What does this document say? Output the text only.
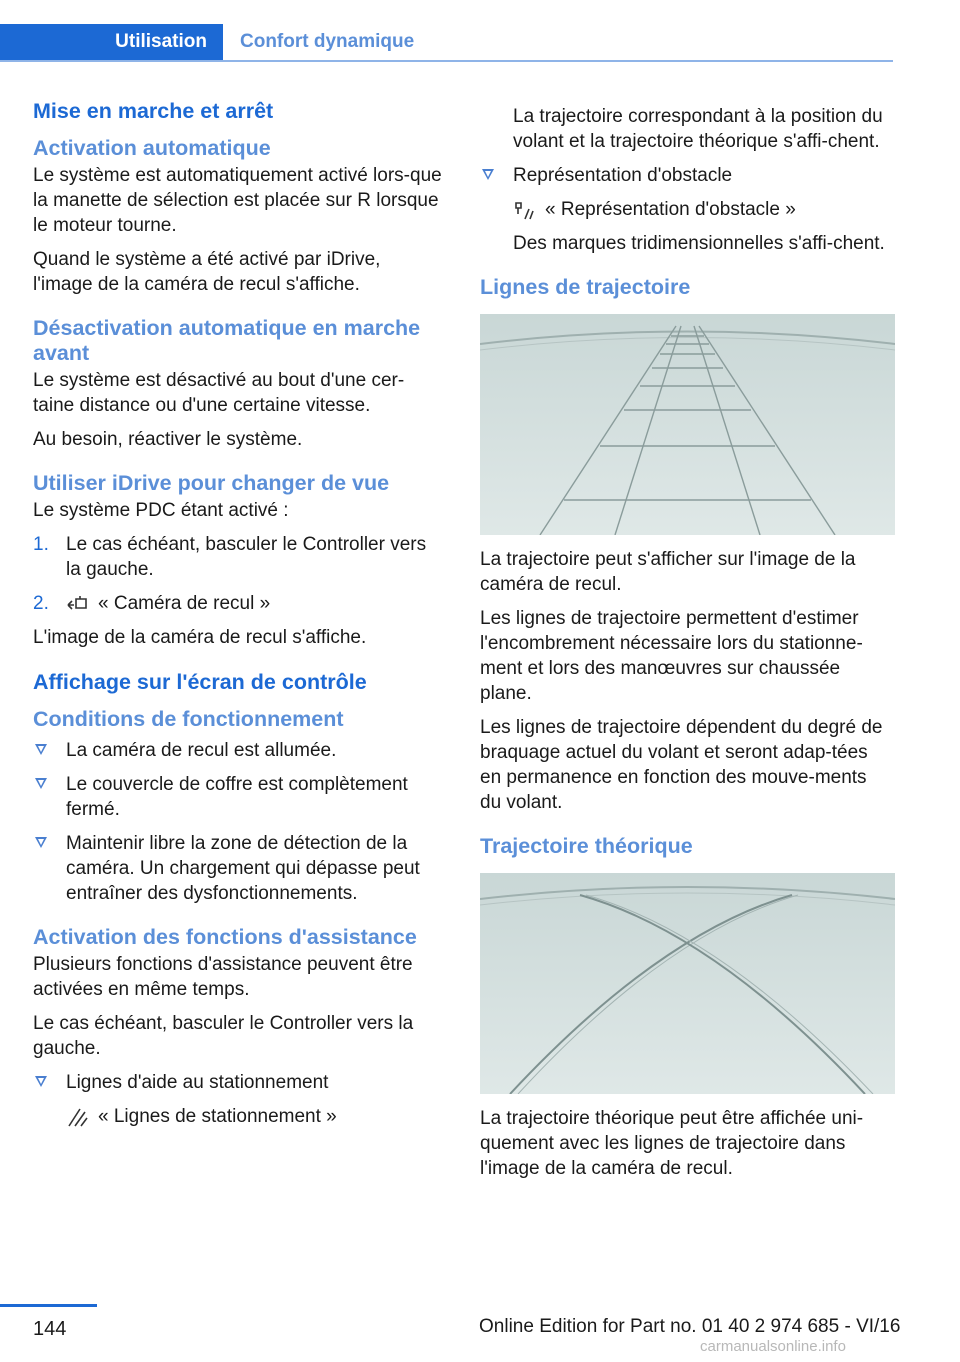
Utilisation	Confort dynamique
Mise en marche et arrêt
Activation automatique

Le système est automatiquement activé lors-que la manette de sélection est placée sur R lorsque le moteur tourne.

Quand le système a été activé par iDrive, l'image de la caméra de recul s'affiche.

Désactivation automatique en marche avant

Le système est désactivé au bout d'une cer-taine distance ou d'une certaine vitesse.

Au besoin, réactiver le système.

Utiliser iDrive pour changer de vue

Le système PDC étant activé :

1. Le cas échéant, basculer le Controller vers la gauche.
2.	« Caméra de recul »

L'image de la caméra de recul s'affiche.

Affichage sur l'écran de contrôle
Conditions de fonctionnement
La caméra de recul est allumée.
Le couvercle de coffre est complètement fermé.
Maintenir libre la zone de détection de la caméra. Un chargement qui dépasse peut entraîner des dysfonctionnements.
Activation des fonctions d'assistance

Plusieurs fonctions d'assistance peuvent être activées en même temps.

Le cas échéant, basculer le Controller vers la gauche.

Lignes d'aide au stationnement
« Lignes de stationnement »

La trajectoire correspondant à la position du volant et la trajectoire théorique s'affi-chent.

Représentation d'obstacle
« Représentation d'obstacle »

Des marques tridimensionnelles s'affi-chent.

Lignes de trajectoire

La trajectoire peut s'afficher sur l'image de la caméra de recul.

Les lignes de trajectoire permettent d'estimer l'encombrement nécessaire lors du stationne-ment et lors des manœuvres sur chaussée plane.

Les lignes de trajectoire dépendent du degré de braquage actuel du volant et seront adap-tées en permanence en fonction des mouve-ments du volant.

Trajectoire théorique

La trajectoire théorique peut être affichée uni-quement avec les lignes de trajectoire dans l'image de la caméra de recul.

144	Online Edition for Part no. 01 40 2 974 685 - VI/16
carmanualsonline.info
